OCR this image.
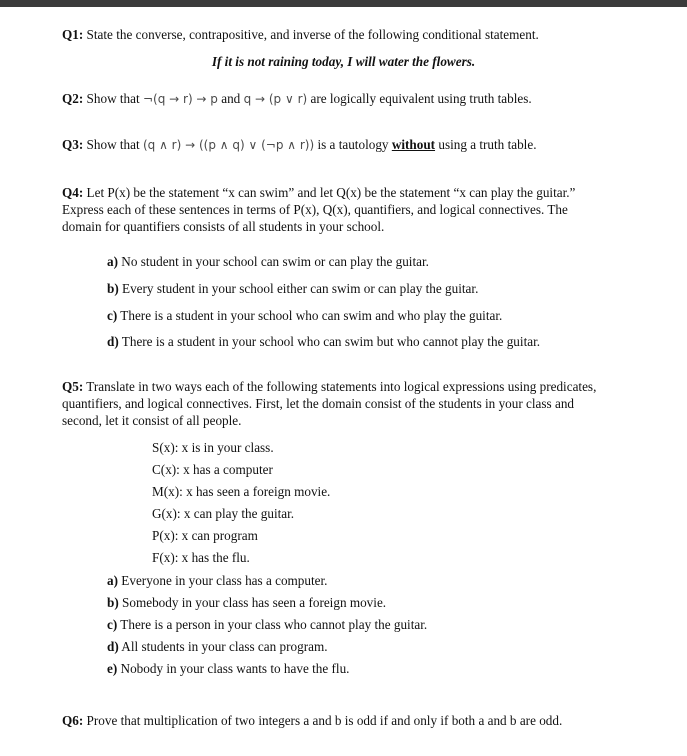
Q1: State the converse, contrapositive, and inverse of the following conditional statement.
If it is not raining today, I will water the flowers.
Q2: Show that ¬(q → r) → p and q → (p ∨ r) are logically equivalent using truth tables.
Q3: Show that (q ∧ r) → ((p ∧ q) ∨ (¬p ∧ r)) is a tautology without using a truth table.
Q4: Let P(x) be the statement “x can swim” and let Q(x) be the statement “x can play the guitar.”
Express each of these sentences in terms of P(x), Q(x), quantifiers, and logical connectives. The
domain for quantifiers consists of all students in your school.
a) No student in your school can swim or can play the guitar.
b) Every student in your school either can swim or can play the guitar.
c) There is a student in your school who can swim and who play the guitar.
d) There is a student in your school who can swim but who cannot play the guitar.
Q5: Translate in two ways each of the following statements into logical expressions using predicates,
quantifiers, and logical connectives. First, let the domain consist of the students in your class and
second, let it consist of all people.
S(x): x is in your class.
C(x): x has a computer
M(x): x has seen a foreign movie.
G(x): x can play the guitar.
P(x): x can program
F(x): x has the flu.
a) Everyone in your class has a computer.
b) Somebody in your class has seen a foreign movie.
c) There is a person in your class who cannot play the guitar.
d) All students in your class can program.
e) Nobody in your class wants to have the flu.
Q6: Prove that multiplication of two integers a and b is odd if and only if both a and b are odd.
